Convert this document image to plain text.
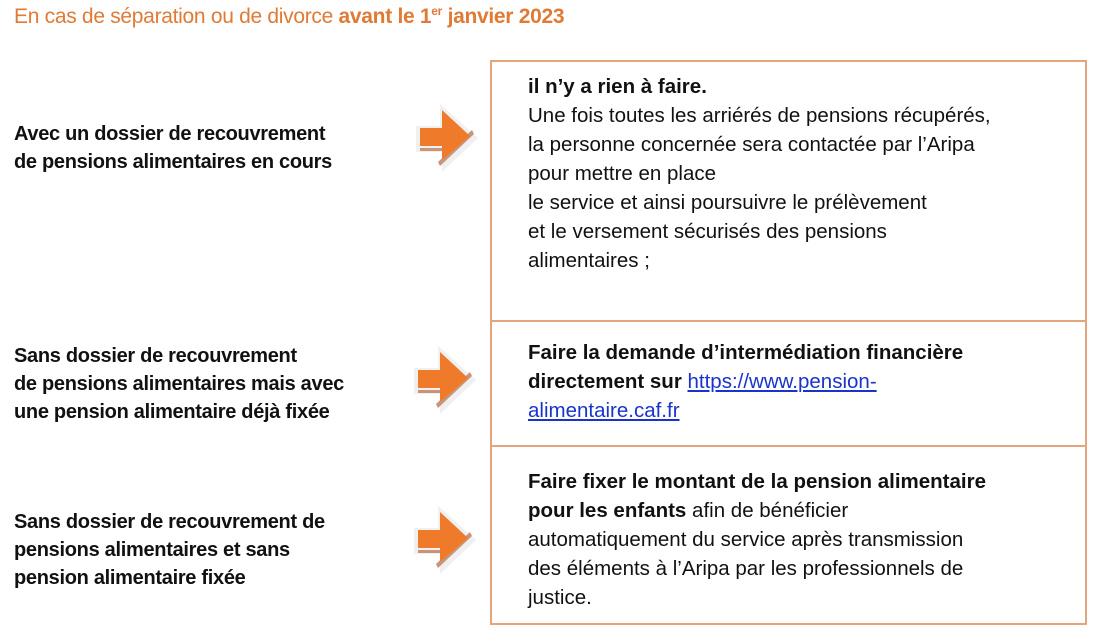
En cas de séparation ou de divorce avant le 1er janvier 2023
Avec un dossier de recouvrement
de pensions alimentaires en cours
Sans dossier de recouvrement
de pensions alimentaires mais avec
une pension alimentaire déjà fixée
Sans dossier de recouvrement de
pensions alimentaires et sans
pension alimentaire fixée
il n’y a rien à faire.
Une fois toutes les arriérés de pensions récupérés,
la personne concernée sera contactée par l’Aripa
pour mettre en place
le service et ainsi poursuivre le prélèvement
et le versement sécurisés des pensions
alimentaires ;
Faire la demande d’intermédiation financière
directement sur https://www.pension-
alimentaire.caf.fr
Faire fixer le montant de la pension alimentaire
pour les enfants afin de bénéficier
automatiquement du service après transmission
des éléments à l’Aripa par les professionnels de
justice.
